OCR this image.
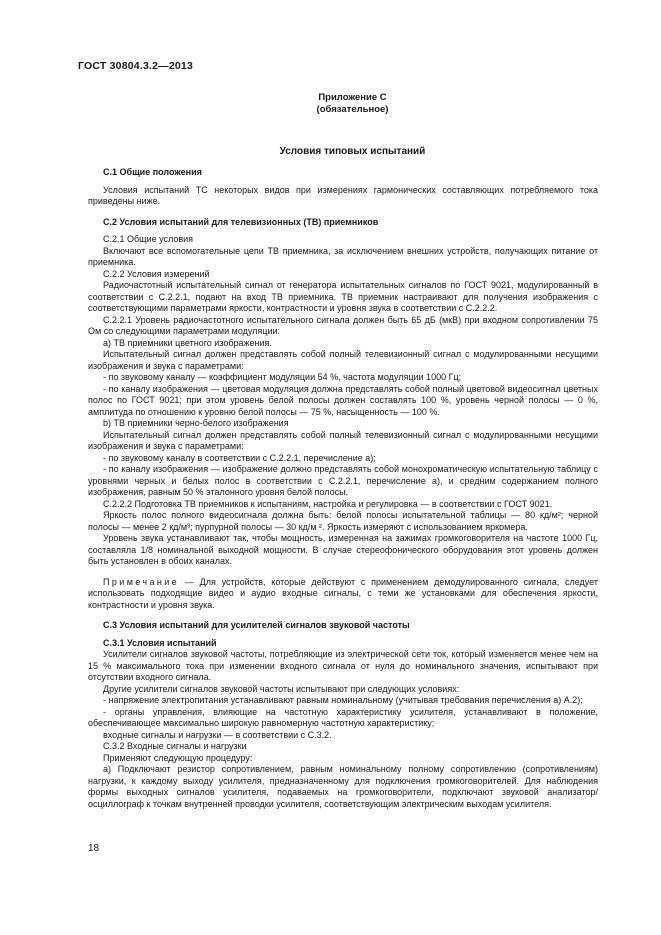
ГОСТ 30804.3.2—2013
Приложение С
(обязательное)
Условия типовых испытаний

С.1 Общие положения

Условия испытаний ТС некоторых видов при измерениях гармонических составляющих потребляемого тока приведены ниже.

С.2 Условия испытаний для телевизионных (ТВ) приемников

С.2.1 Общие условия

Включают все вспомогательные цепи ТВ приемника, за исключением внешних устройств, получающих питание от приемника.

С.2.2 Условия измерений

Радиочастотный испытательный сигнал от генератора испытательных сигналов по ГОСТ 9021, модулированный в соответствии с С.2.2.1, подают на вход ТВ приемника. ТВ приемник настраивают для получения изображения с соответствующими параметрами яркости, контрастности и уровня звука в соответствии с С.2.2.2.

С.2.2.1 Уровень радиочастотного испытательного сигнала должен быть 65 дБ (мкВ) при входном сопротивлении 75 Ом со следующими параметрами модуляции:

а) ТВ приемники цветного изображения.

Испытательный сигнал должен представлять собой полный телевизионный сигнал с модулированными несущими изображения и звука с параметрами:

- по звуковому каналу — коэффициент модуляции 54 %, частота модуляции 1000 Гц;

- по каналу изображения — цветовая модуляция должна представлять собой полный цветовой видеосигнал цветных полос по ГОСТ 9021; при этом уровень белой полосы должен составлять 100 %, уровень черной полосы — 0 %, амплитуда по отношению к уровню белой полосы — 75 %, насыщенность — 100 %.

b) ТВ приемники черно-белого изображения

Испытательный сигнал должен представлять собой полный телевизионный сигнал с модулированными несущими изображения и звука с параметрами:

- по звуковому каналу в соответствии с С.2.2.1, перечисление а);

- по каналу изображения — изображение должно представлять собой монохроматическую испытательную таблицу с уровнями черных и белых полос в соответствии с С.2.2.1, перечисление а), и средним содержанием полного изображения, равным 50 % эталонного уровня белой полосы.

С.2.2.2 Подготовка ТВ приемников к испытаниям, настройка и регулировка — в соответствии с ГОСТ 9021.

Яркость полос полного видеосигнала должна быть: белой полосы испытательной таблицы — 80 кд/м²; черной полосы — менее 2 кд/м³; пурпурной полосы — 30 кд/м ². Яркость измеряют с использованием яркомера.

Уровень звука устанавливают так, чтобы мощность, измеренная на зажимах громкоговорителя на частоте 1000 Гц, составляла 1/8 номинальной выходной мощности. В случае стереофонического оборудования этот уровень должен быть установлен в обоих каналах.

Примечание — Для устройств, которые действуют с применением демодулированного сигнала, следует использовать подходящие видео и аудио входные сигналы, с теми же установками для обеспечения яркости, контрастности и уровня звука.

С.3 Условия испытаний для усилителей сигналов звуковой частоты

С.3.1 Условия испытаний

Усилители сигналов звуковой частоты, потребляющие из электрической сети ток, который изменяется менее чем на 15 % максимального тока при изменении входного сигнала от нуля до номинального значения, испытывают при отсутствии входного сигнала.

Другие усилители сигналов звуковой частоты испытывают при следующих условиях:

- напряжение электропитания устанавливают равным номинальному (учитывая требования перечисления а) А.2);

- органы управления, влияющие на частотную характеристику усилителя, устанавливают в положение, обеспечивающее максимально широкую равномерную частотную характеристику;

входные сигналы и нагрузки — в соответствии с С.3.2.

С.3.2 Входные сигналы и нагрузки

Применяют следующую процедуру:

а) Подключают резистор сопротивлением, равным номинальному полному сопротивлению (сопротивлениям) нагрузки, к каждому выходу усилителя, предназначенному для подключения громкоговорителей. Для наблюдения формы выходных сигналов усилителя, подаваемых на громкоговорители, подключают звуковой анализатор/осциллограф к точкам внутренней проводки усилителя, соответствующим электрическим выходам усилителя.

18
